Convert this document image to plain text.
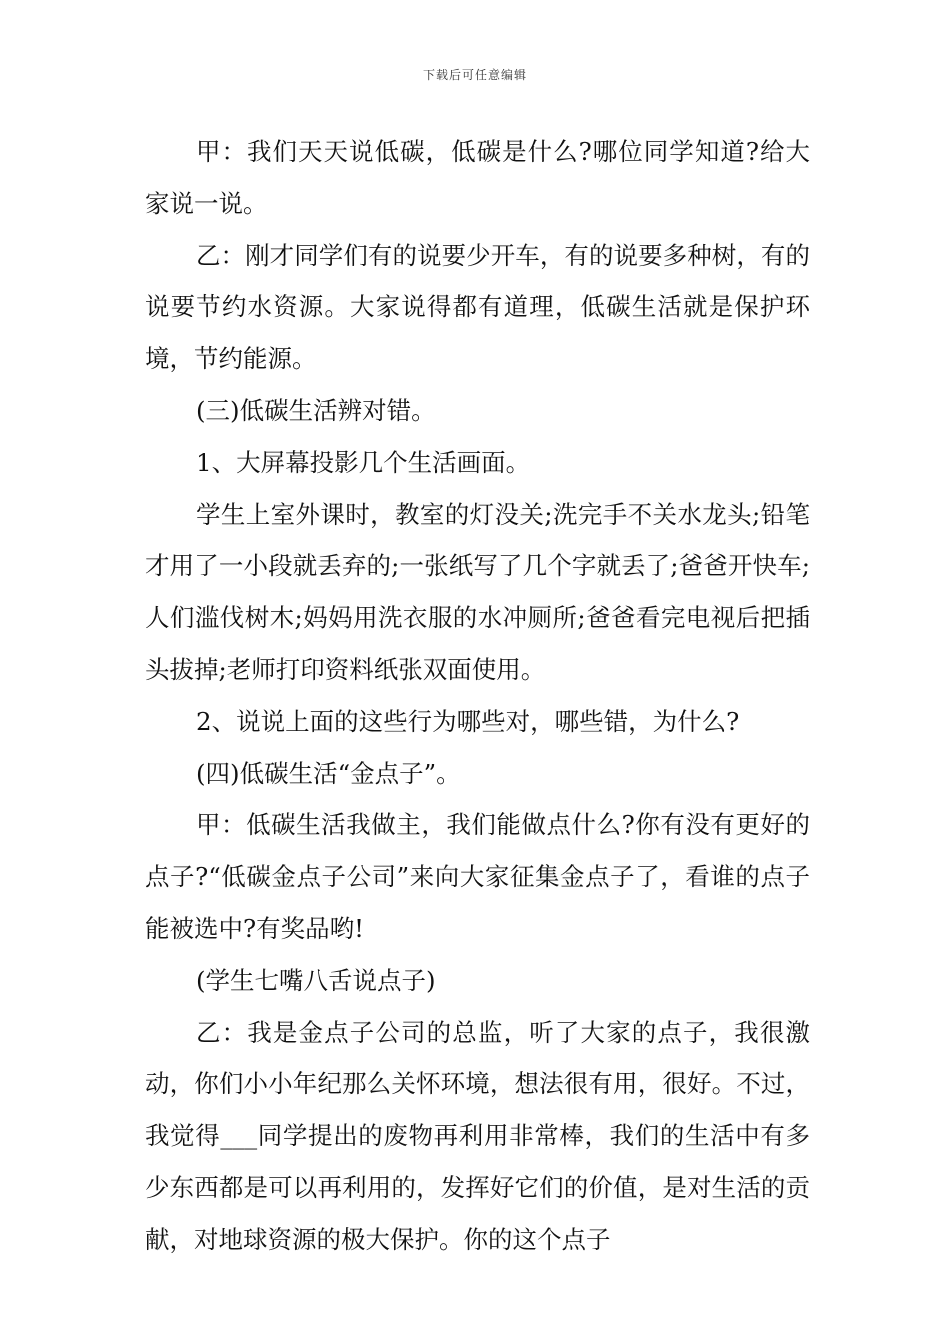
下载后可任意编辑

甲：我们天天说低碳，低碳是什么?哪位同学知道?给大家说一说。

乙：刚才同学们有的说要少开车，有的说要多种树，有的说要节约水资源。大家说得都有道理，低碳生活就是保护环境，节约能源。

(三)低碳生活辨对错。

1、大屏幕投影几个生活画面。

学生上室外课时，教室的灯没关;洗完手不关水龙头;铅笔才用了一小段就丢弃的;一张纸写了几个字就丢了;爸爸开快车;人们滥伐树木;妈妈用洗衣服的水冲厕所;爸爸看完电视后把插头拔掉;老师打印资料纸张双面使用。

2、说说上面的这些行为哪些对，哪些错，为什么?

(四)低碳生活“金点子”。

甲：低碳生活我做主，我们能做点什么?你有没有更好的点子?“低碳金点子公司”来向大家征集金点子了，看谁的点子能被选中?有奖品哟!

(学生七嘴八舌说点子)

乙：我是金点子公司的总监，听了大家的点子，我很激动，你们小小年纪那么关怀环境，想法很有用，很好。不过，我觉得___同学提出的废物再利用非常棒，我们的生活中有多少东西都是可以再利用的，发挥好它们的价值，是对生活的贡献，对地球资源的极大保护。你的这个点子
